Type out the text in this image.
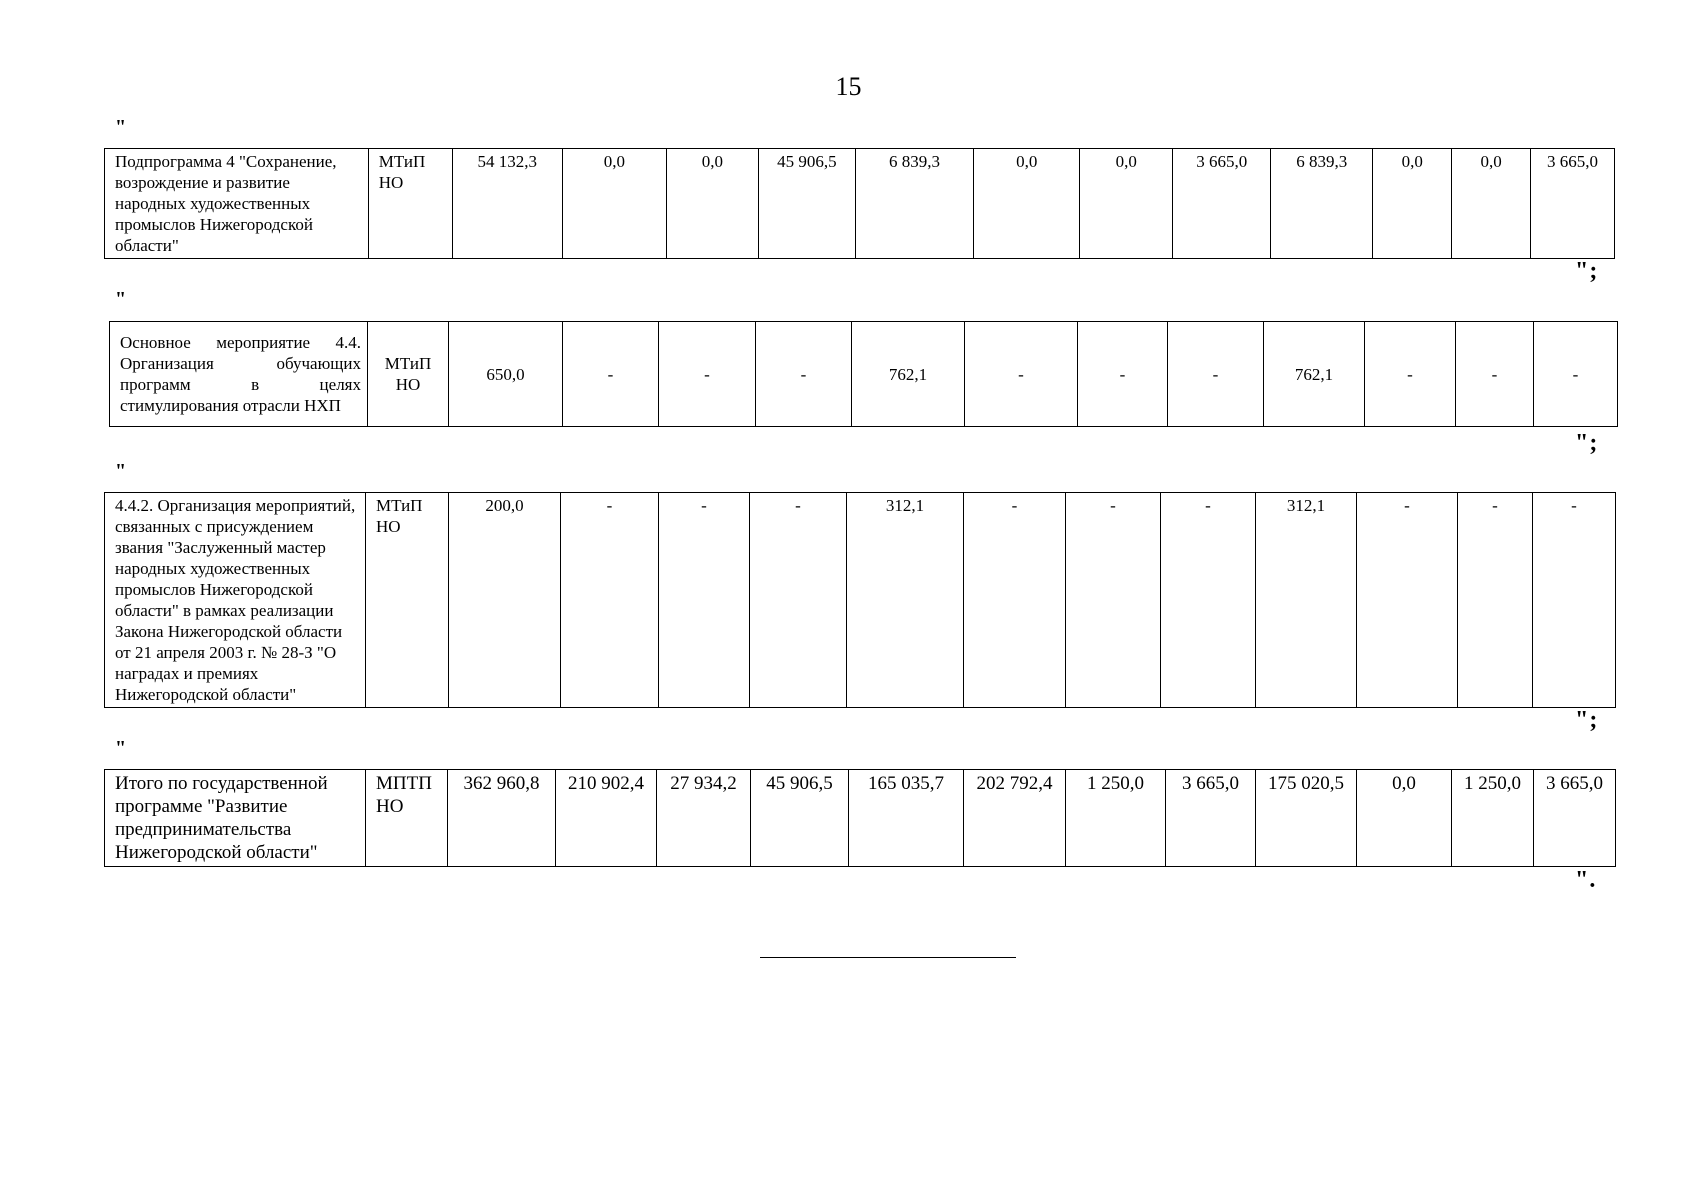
15
"
Подпрограмма 4 "Сохранение, возрождение и развитие народных художественных промыслов Нижегородской области"	МТиП НО	54 132,3	0,0	0,0	45 906,5	6 839,3	0,0	0,0	3 665,0	6 839,3	0,0	0,0	3 665,0
";
"
Основное мероприятие 4.4. Организация обучающих программ в целях стимулирования отрасли НХП	МТиП НО	650,0	-	-	-	762,1	-	-	-	762,1	-	-	-
";
"
4.4.2. Организация мероприятий, связанных с присуждением звания "Заслуженный мастер народных художественных промыслов Нижегородской области" в рамках реализации Закона Нижегородской области от 21 апреля 2003 г. № 28-З "О наградах и премиях Нижегородской области"	МТиП НО	200,0	-	-	-	312,1	-	-	-	312,1	-	-	-
";
"
Итого по государственной программе "Развитие предпринимательства Нижегородской области"	МПТП НО	362 960,8	210 902,4	27 934,2	45 906,5	165 035,7	202 792,4	1 250,0	3 665,0	175 020,5	0,0	1 250,0	3 665,0
".
